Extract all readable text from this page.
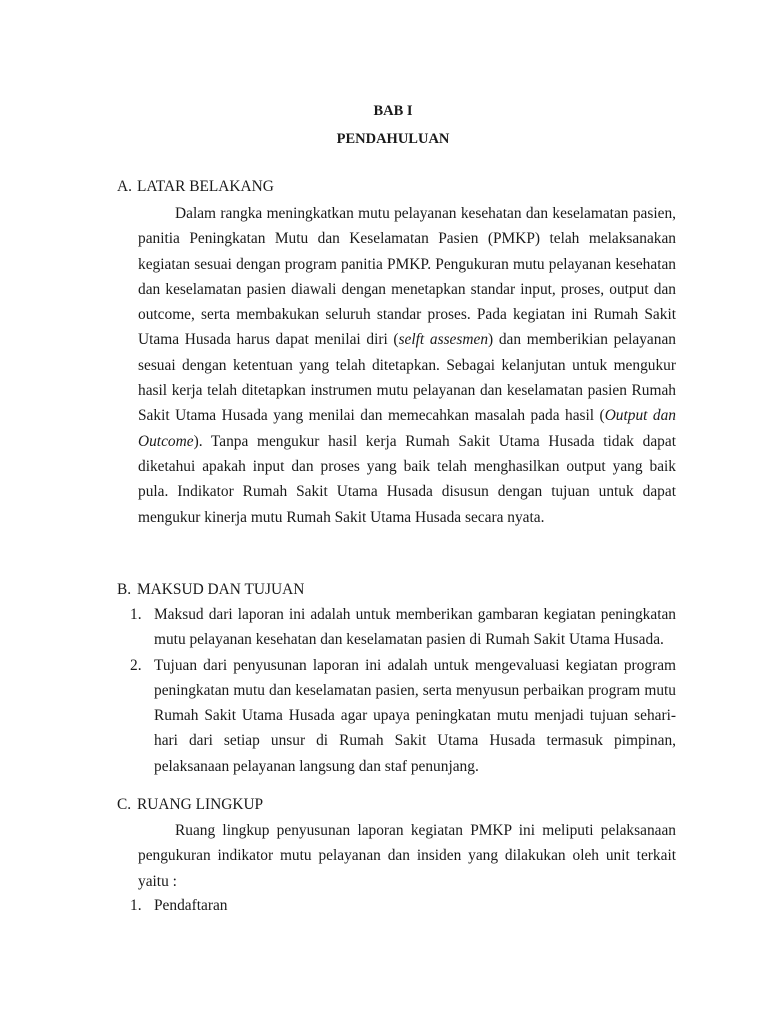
BAB I
PENDAHULUAN
A. LATAR BELAKANG

Dalam rangka meningkatkan mutu pelayanan kesehatan dan keselamatan pasien, panitia Peningkatan Mutu dan Keselamatan Pasien (PMKP) telah melaksanakan kegiatan sesuai dengan program panitia PMKP. Pengukuran mutu pelayanan kesehatan dan keselamatan pasien diawali dengan menetapkan standar input, proses, output dan outcome, serta membakukan seluruh standar proses. Pada kegiatan ini Rumah Sakit Utama Husada harus dapat menilai diri (selft assesmen) dan memberikian pelayanan sesuai dengan ketentuan yang telah ditetapkan. Sebagai kelanjutan untuk mengukur hasil kerja telah ditetapkan instrumen mutu pelayanan dan keselamatan pasien Rumah Sakit Utama Husada yang menilai dan memecahkan masalah pada hasil (Output dan Outcome). Tanpa mengukur hasil kerja Rumah Sakit Utama Husada tidak dapat diketahui apakah input dan proses yang baik telah menghasilkan output yang baik pula. Indikator Rumah Sakit Utama Husada disusun dengan tujuan untuk dapat mengukur kinerja mutu Rumah Sakit Utama Husada secara nyata.

B. MAKSUD DAN TUJUAN
1. Maksud dari laporan ini adalah untuk memberikan gambaran kegiatan peningkatan mutu pelayanan kesehatan dan keselamatan pasien di Rumah Sakit Utama Husada.

2. Tujuan dari penyusunan laporan ini adalah untuk mengevaluasi kegiatan program peningkatan mutu dan keselamatan pasien, serta menyusun perbaikan program mutu Rumah Sakit Utama Husada agar upaya peningkatan mutu menjadi tujuan sehari-hari dari setiap unsur di Rumah Sakit Utama Husada termasuk pimpinan, pelaksanaan pelayanan langsung dan staf penunjang.

C. RUANG LINGKUP

Ruang lingkup penyusunan laporan kegiatan PMKP ini meliputi pelaksanaan pengukuran indikator mutu pelayanan dan insiden yang dilakukan oleh unit terkait yaitu :

1. Pendaftaran
